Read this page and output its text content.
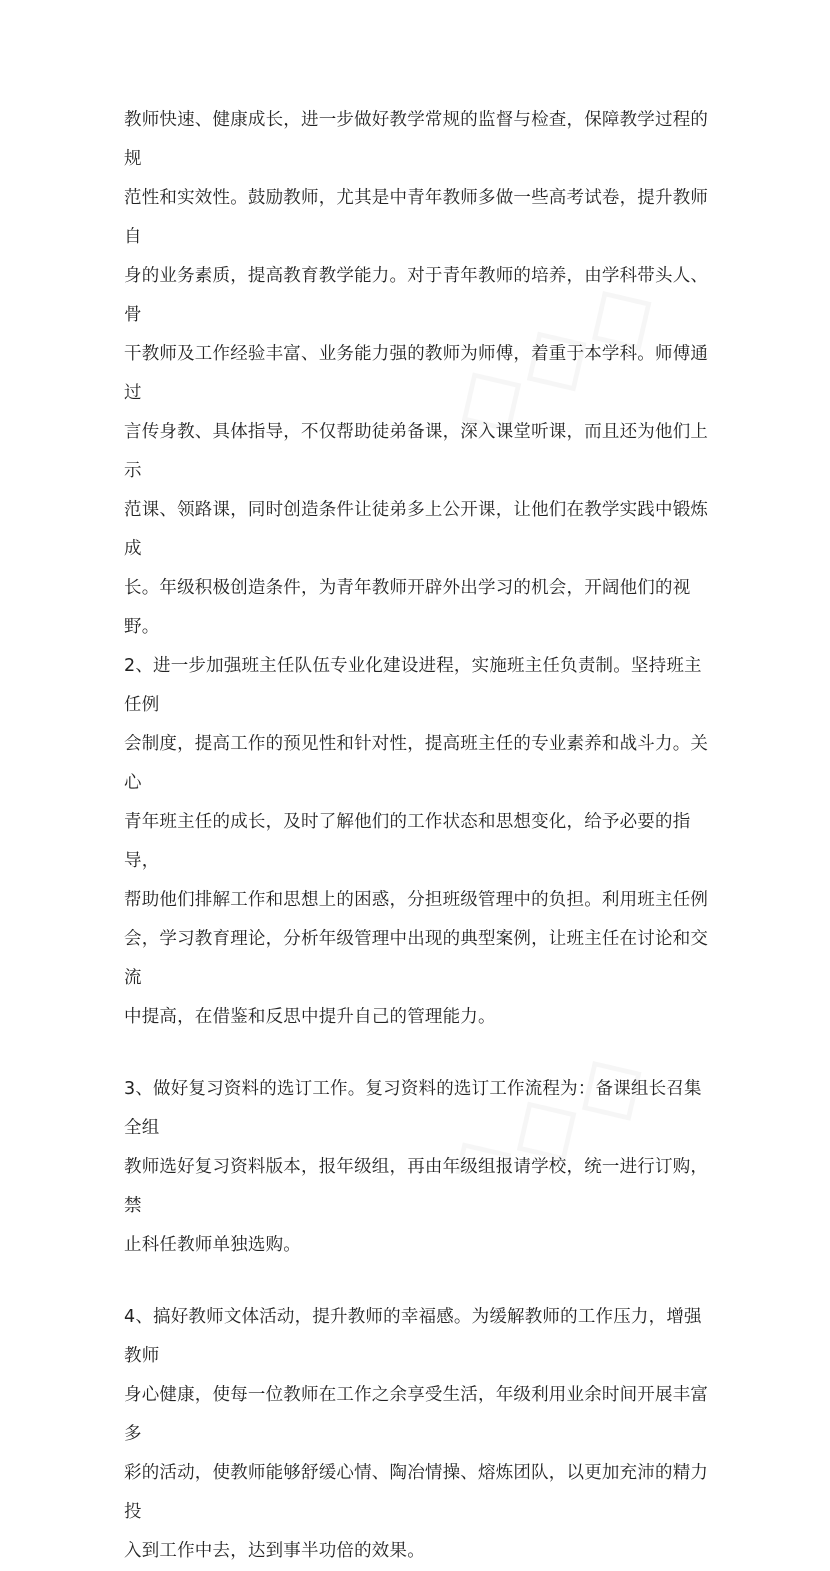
教师快速、健康成长，进一步做好教学常规的监督与检查，保障教学过程的规
范性和实效性。鼓励教师，尤其是中青年教师多做一些高考试卷，提升教师自
身的业务素质，提高教育教学能力。对于青年教师的培养，由学科带头人、骨
干教师及工作经验丰富、业务能力强的教师为师傅，着重于本学科。师傅通过
言传身教、具体指导，不仅帮助徒弟备课，深入课堂听课，而且还为他们上示
范课、领路课，同时创造条件让徒弟多上公开课，让他们在教学实践中锻炼成
长。年级积极创造条件，为青年教师开辟外出学习的机会，开阔他们的视野。
2、进一步加强班主任队伍专业化建设进程，实施班主任负责制。坚持班主任例
会制度，提高工作的预见性和针对性，提高班主任的专业素养和战斗力。关心
青年班主任的成长，及时了解他们的工作状态和思想变化，给予必要的指导，
帮助他们排解工作和思想上的困惑，分担班级管理中的负担。利用班主任例
会，学习教育理论，分析年级管理中出现的典型案例，让班主任在讨论和交流
中提高，在借鉴和反思中提升自己的管理能力。
3、做好复习资料的选订工作。复习资料的选订工作流程为：备课组长召集全组
教师选好复习资料版本，报年级组，再由年级组报请学校，统一进行订购，禁
止科任教师单独选购。
4、搞好教师文体活动，提升教师的幸福感。为缓解教师的工作压力，增强教师
身心健康，使每一位教师在工作之余享受生活，年级利用业余时间开展丰富多
彩的活动，使教师能够舒缓心情、陶冶情操、熔炼团队，以更加充沛的精力投
入到工作中去，达到事半功倍的效果。
